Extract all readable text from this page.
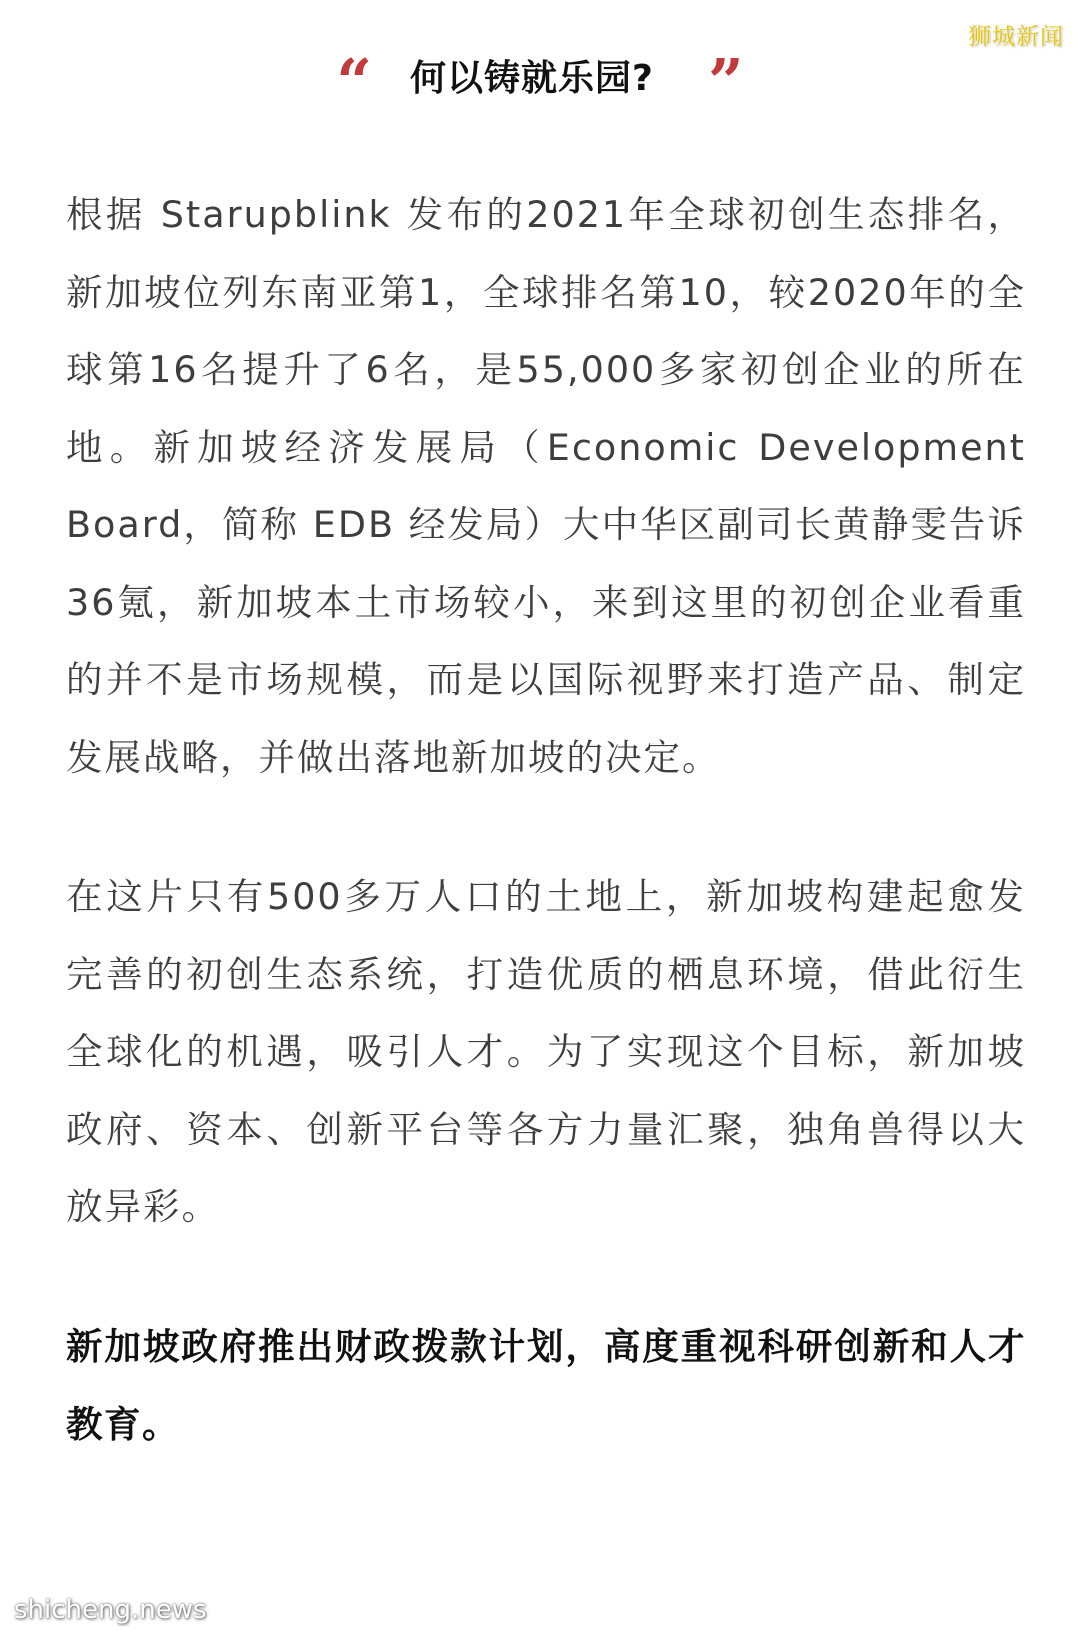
狮城新闻
“ 何以铸就乐园? ”

根据 Starupblink 发布的2021年全球初创生态排名，新加坡位列东南亚第1，全球排名第10，较2020年的全球第16名提升了6名，是55,000多家初创企业的所在地。新加坡经济发展局（Economic Development Board，简称 EDB 经发局）大中华区副司长黄静雯告诉36氪，新加坡本土市场较小，来到这里的初创企业看重的并不是市场规模，而是以国际视野来打造产品、制定发展战略，并做出落地新加坡的决定。

在这片只有500多万人口的土地上，新加坡构建起愈发完善的初创生态系统，打造优质的栖息环境，借此衍生全球化的机遇，吸引人才。为了实现这个目标，新加坡政府、资本、创新平台等各方力量汇聚，独角兽得以大放异彩。

新加坡政府推出财政拨款计划，高度重视科研创新和人才教育。

shicheng.news
